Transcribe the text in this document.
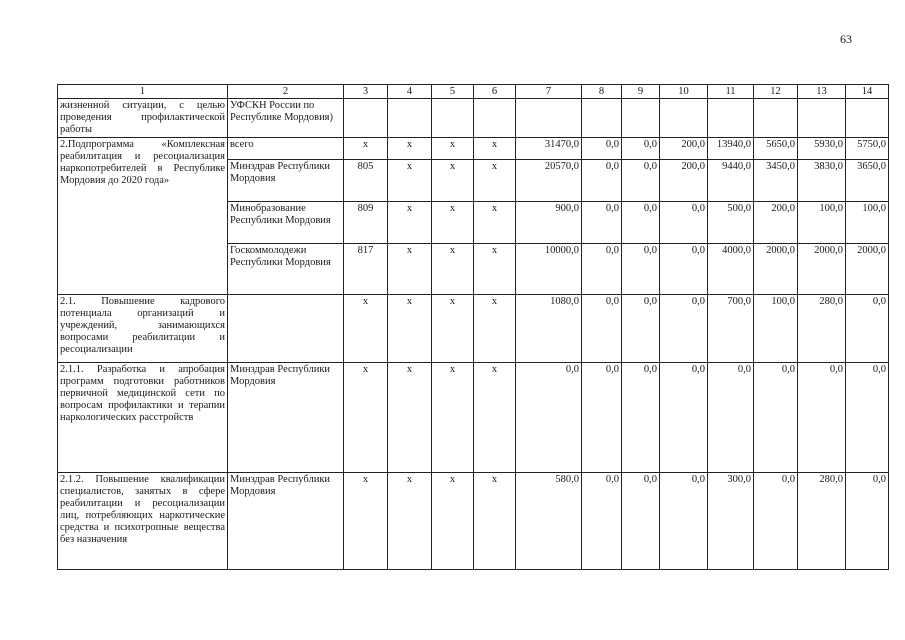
63
1	2	3	4	5	6	7	8	9	10	11	12	13	14
жизненной ситуации, с целью проведения профилактической работы	УФСКН России по Республике Мордовия)												
2.Подпрограмма «Комплексная реабилитация и ресоциализация наркопотребителей в Республике Мордовия до 2020 года»	всего	х	х	х	х	31470,0	0,0	0,0	200,0	13940,0	5650,0	5930,0	5750,0
	Минздрав Республики Мордовия	805	х	х	х	20570,0	0,0	0,0	200,0	9440,0	3450,0	3830,0	3650,0
	Минобразование Республики Мордовия	809	х	х	х	900,0	0,0	0,0	0,0	500,0	200,0	100,0	100,0
	Госкоммолодежи Республики Мордовия	817	х	х	х	10000,0	0,0	0,0	0,0	4000,0	2000,0	2000,0	2000,0
2.1. Повышение кадрового потенциала организаций и учреждений, занимающихся вопросами реабилитации и ресоциализации		х	х	х	х	1080,0	0,0	0,0	0,0	700,0	100,0	280,0	0,0
2.1.1. Разработка и апробация программ подготовки работников первичной медицинской сети по вопросам профилактики и терапии наркологических расстройств	Минздрав Республики Мордовия	х	х	х	х	0,0	0,0	0,0	0,0	0,0	0,0	0,0	0,0
2.1.2. Повышение квалификации специалистов, занятых в сфере реабилитации и ресоциализации лиц, потребляющих наркотические средства и психотропные вещества без назначения	Минздрав Республики Мордовия	х	х	х	х	580,0	0,0	0,0	0,0	300,0	0,0	280,0	0,0
